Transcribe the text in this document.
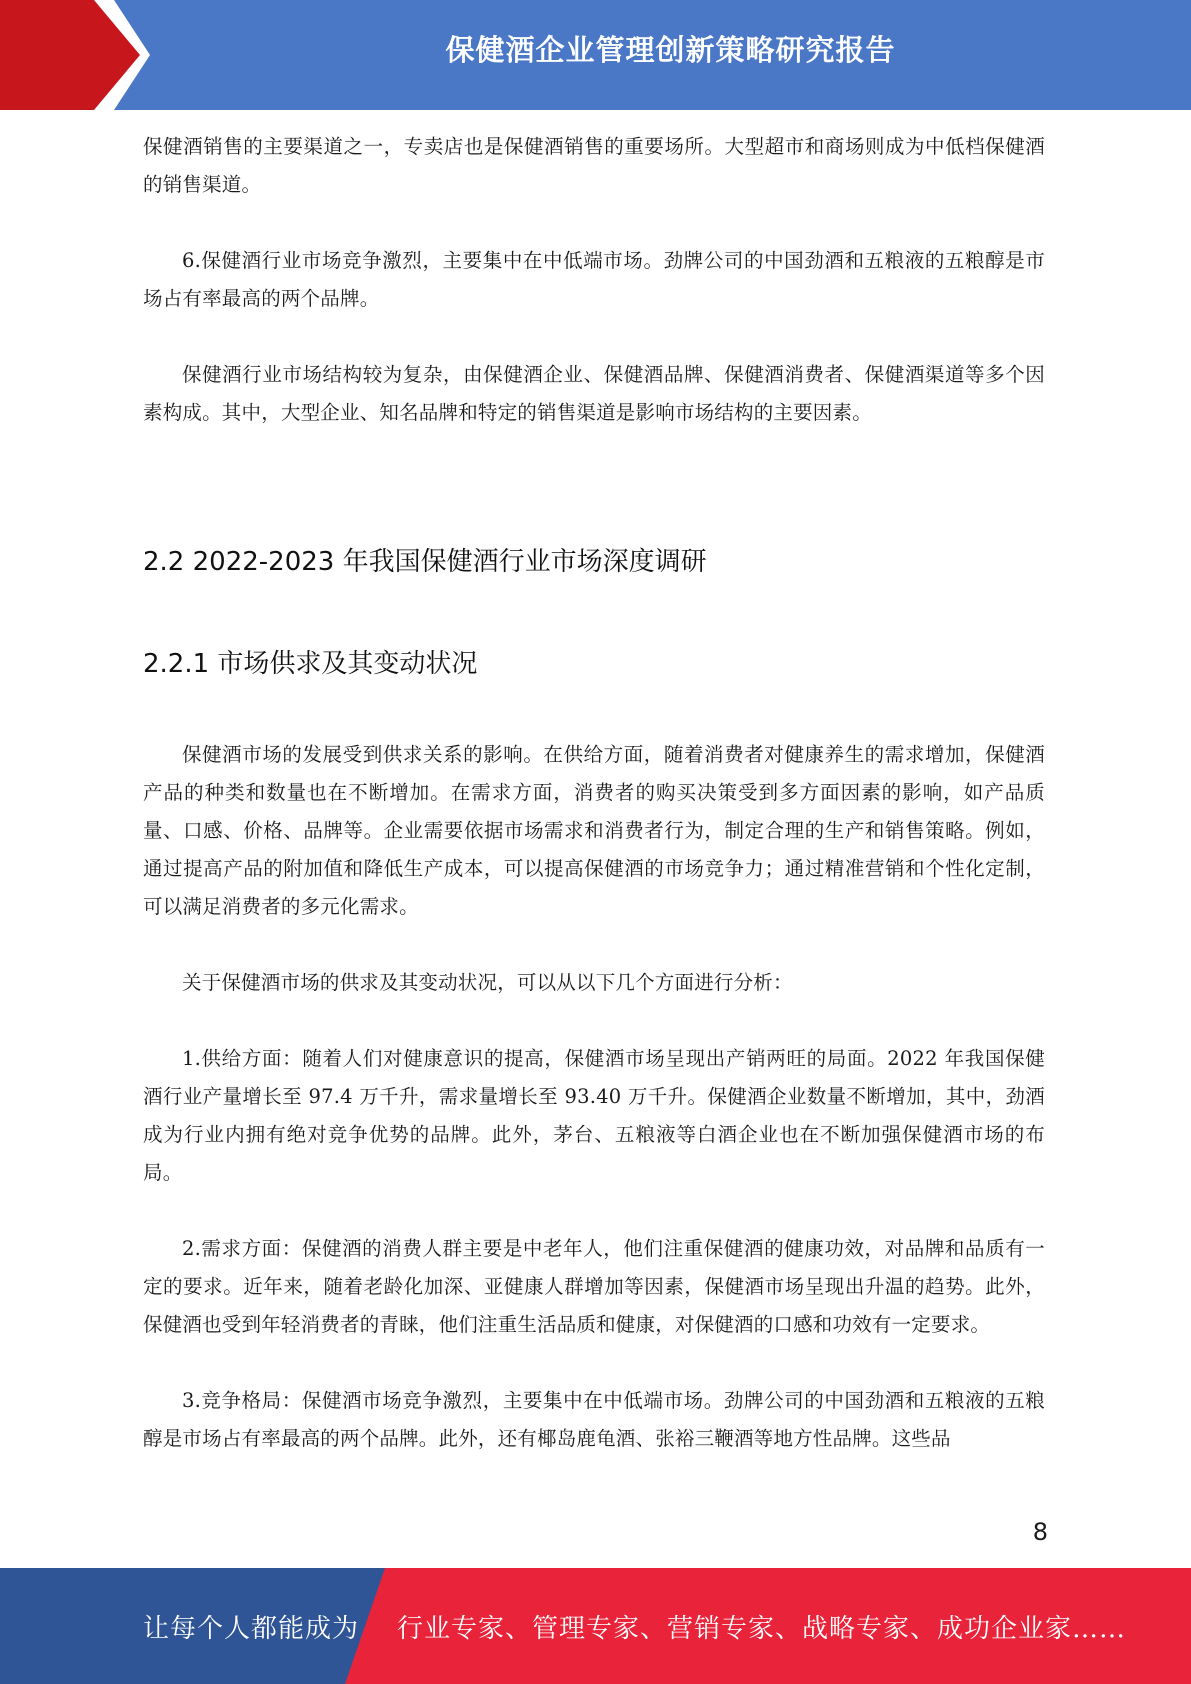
保健酒企业管理创新策略研究报告

保健酒销售的主要渠道之一，专卖店也是保健酒销售的重要场所。大型超市和商场则成为中低档保健酒的销售渠道。

6.保健酒行业市场竞争激烈，主要集中在中低端市场。劲牌公司的中国劲酒和五粮液的五粮醇是市场占有率最高的两个品牌。

保健酒行业市场结构较为复杂，由保健酒企业、保健酒品牌、保健酒消费者、保健酒渠道等多个因素构成。其中，大型企业、知名品牌和特定的销售渠道是影响市场结构的主要因素。

2.2 2022-2023 年我国保健酒行业市场深度调研
2.2.1 市场供求及其变动状况

保健酒市场的发展受到供求关系的影响。在供给方面，随着消费者对健康养生的需求增加，保健酒产品的种类和数量也在不断增加。在需求方面，消费者的购买决策受到多方面因素的影响，如产品质量、口感、价格、品牌等。企业需要依据市场需求和消费者行为，制定合理的生产和销售策略。例如，通过提高产品的附加值和降低生产成本，可以提高保健酒的市场竞争力；通过精准营销和个性化定制，可以满足消费者的多元化需求。

关于保健酒市场的供求及其变动状况，可以从以下几个方面进行分析：

1.供给方面：随着人们对健康意识的提高，保健酒市场呈现出产销两旺的局面。2022 年我国保健酒行业产量增长至 97.4 万千升，需求量增长至 93.40 万千升。保健酒企业数量不断增加，其中，劲酒成为行业内拥有绝对竞争优势的品牌。此外，茅台、五粮液等白酒企业也在不断加强保健酒市场的布局。

2.需求方面：保健酒的消费人群主要是中老年人，他们注重保健酒的健康功效，对品牌和品质有一定的要求。近年来，随着老龄化加深、亚健康人群增加等因素，保健酒市场呈现出升温的趋势。此外，保健酒也受到年轻消费者的青睐，他们注重生活品质和健康，对保健酒的口感和功效有一定要求。

3.竞争格局：保健酒市场竞争激烈，主要集中在中低端市场。劲牌公司的中国劲酒和五粮液的五粮醇是市场占有率最高的两个品牌。此外，还有椰岛鹿龟酒、张裕三鞭酒等地方性品牌。这些品

8
让每个人都能成为 行业专家、管理专家、营销专家、战略专家、成功企业家……
